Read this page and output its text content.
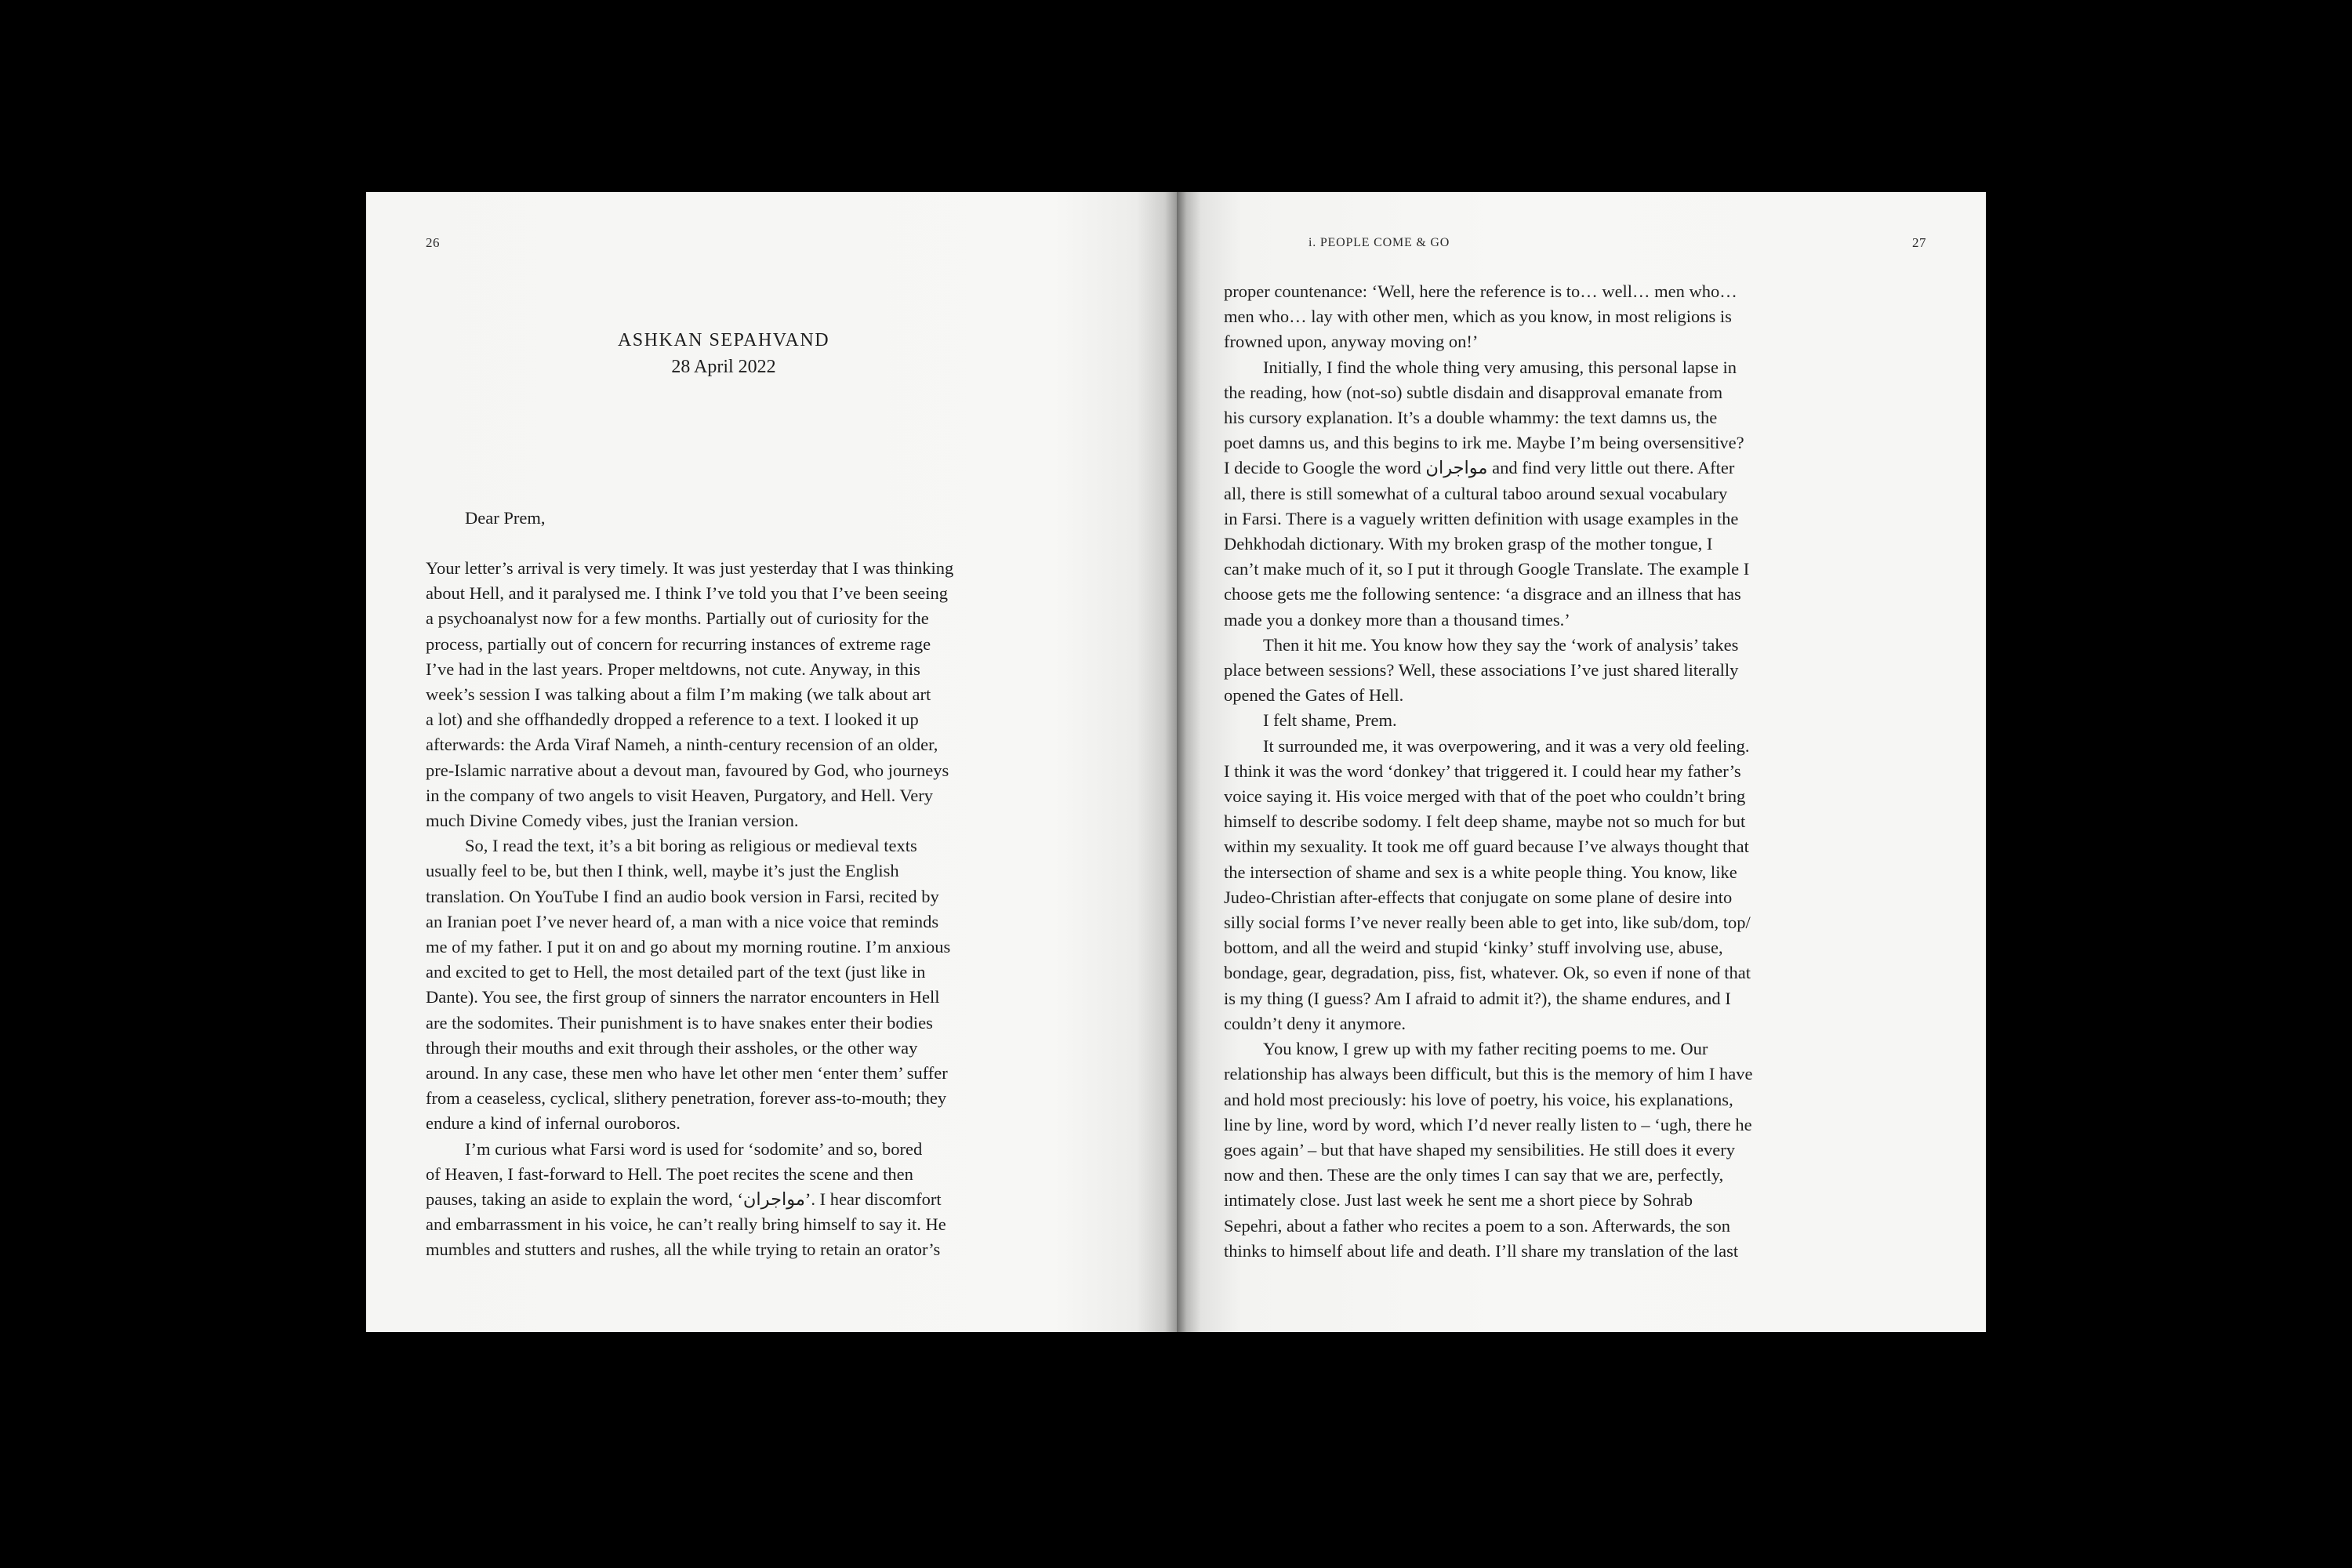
26
ASHKAN SEPAHVAND
28 April 2022
Dear Prem,
Your letter’s arrival is very timely. It was just yesterday that I was thinking
about Hell, and it paralysed me. I think I’ve told you that I’ve been seeing
a psychoanalyst now for a few months. Partially out of curiosity for the
process, partially out of concern for recurring instances of extreme rage
I’ve had in the last years. Proper meltdowns, not cute. Anyway, in this
week’s session I was talking about a film I’m making (we talk about art
a lot) and she offhandedly dropped a reference to a text. I looked it up
afterwards: the Arda Viraf Nameh, a ninth-century recension of an older,
pre-Islamic narrative about a devout man, favoured by God, who journeys
in the company of two angels to visit Heaven, Purgatory, and Hell. Very
much Divine Comedy vibes, just the Iranian version.
So, I read the text, it’s a bit boring as religious or medieval texts
usually feel to be, but then I think, well, maybe it’s just the English
translation. On YouTube I find an audio book version in Farsi, recited by
an Iranian poet I’ve never heard of, a man with a nice voice that reminds
me of my father. I put it on and go about my morning routine. I’m anxious
and excited to get to Hell, the most detailed part of the text (just like in
Dante). You see, the first group of sinners the narrator encounters in Hell
are the sodomites. Their punishment is to have snakes enter their bodies
through their mouths and exit through their assholes, or the other way
around. In any case, these men who have let other men ‘enter them’ suffer
from a ceaseless, cyclical, slithery penetration, forever ass-to-mouth; they
endure a kind of infernal ouroboros.
I’m curious what Farsi word is used for ‘sodomite’ and so, bored
of Heaven, I fast-forward to Hell. The poet recites the scene and then
pauses, taking an aside to explain the word, ‘مواجران’. I hear discomfort
and embarrassment in his voice, he can’t really bring himself to say it. He
mumbles and stutters and rushes, all the while trying to retain an orator’s
i. PEOPLE COME & GO	27
proper countenance: ‘Well, here the reference is to… well… men who…
men who… lay with other men, which as you know, in most religions is
frowned upon, anyway moving on!’
Initially, I find the whole thing very amusing, this personal lapse in
the reading, how (not-so) subtle disdain and disapproval emanate from
his cursory explanation. It’s a double whammy: the text damns us, the
poet damns us, and this begins to irk me. Maybe I’m being oversensitive?
I decide to Google the word مواجران and find very little out there. After
all, there is still somewhat of a cultural taboo around sexual vocabulary
in Farsi. There is a vaguely written definition with usage examples in the
Dehkhodah dictionary. With my broken grasp of the mother tongue, I
can’t make much of it, so I put it through Google Translate. The example I
choose gets me the following sentence: ‘a disgrace and an illness that has
made you a donkey more than a thousand times.’
Then it hit me. You know how they say the ‘work of analysis’ takes
place between sessions? Well, these associations I’ve just shared literally
opened the Gates of Hell.
I felt shame, Prem.
It surrounded me, it was overpowering, and it was a very old feeling.
I think it was the word ‘donkey’ that triggered it. I could hear my father’s
voice saying it. His voice merged with that of the poet who couldn’t bring
himself to describe sodomy. I felt deep shame, maybe not so much for but
within my sexuality. It took me off guard because I’ve always thought that
the intersection of shame and sex is a white people thing. You know, like
Judeo-Christian after-effects that conjugate on some plane of desire into
silly social forms I’ve never really been able to get into, like sub/dom, top/
bottom, and all the weird and stupid ‘kinky’ stuff involving use, abuse,
bondage, gear, degradation, piss, fist, whatever. Ok, so even if none of that
is my thing (I guess? Am I afraid to admit it?), the shame endures, and I
couldn’t deny it anymore.
You know, I grew up with my father reciting poems to me. Our
relationship has always been difficult, but this is the memory of him I have
and hold most preciously: his love of poetry, his voice, his explanations,
line by line, word by word, which I’d never really listen to – ‘ugh, there he
goes again’ – but that have shaped my sensibilities. He still does it every
now and then. These are the only times I can say that we are, perfectly,
intimately close. Just last week he sent me a short piece by Sohrab
Sepehri, about a father who recites a poem to a son. Afterwards, the son
thinks to himself about life and death. I’ll share my translation of the last
